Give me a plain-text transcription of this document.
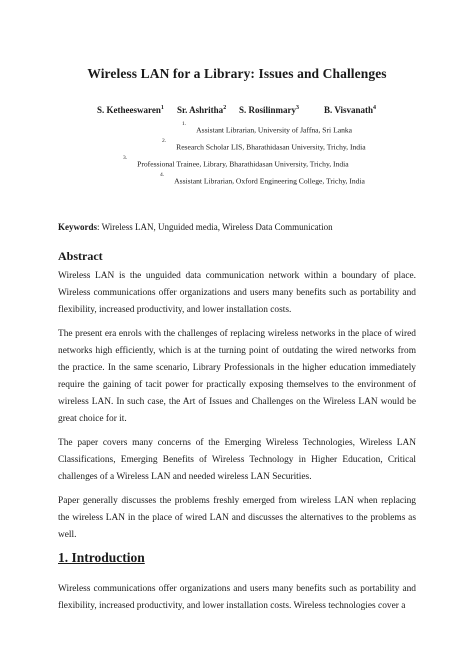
Wireless LAN for a Library: Issues and Challenges
S. Ketheeswaren$^1$ Sr. Ashritha$^2$ S. Rosilinmary$^3$	B. Visvanath$^4$
$^{1.}$Assistant Librarian, University of Jaffna, Sri Lanka
$^{2.}$Research Scholar LIS, Bharathidasan University, Trichy, India
$^{3.}$Professional Trainee, Library, Bharathidasan University, Trichy, India
$^{4.}$Assistant Librarian, Oxford Engineering College, Trichy, India
Keywords: Wireless LAN, Unguided media, Wireless Data Communication
Abstract

Wireless LAN is the unguided data communication network within a boundary of place. Wireless communications offer organizations and users many benefits such as portability and flexibility, increased productivity, and lower installation costs.

The present era enrols with the challenges of replacing wireless networks in the place of wired networks high efficiently, which is at the turning point of outdating the wired networks from the practice. In the same scenario, Library Professionals in the higher education immediately require the gaining of tacit power for practically exposing themselves to the environment of wireless LAN. In such case, the Art of Issues and Challenges on the Wireless LAN would be great choice for it.

The paper covers many concerns of the Emerging Wireless Technologies, Wireless LAN Classifications, Emerging Benefits of Wireless Technology in Higher Education, Critical challenges of a Wireless LAN and needed wireless LAN Securities.

Paper generally discusses the problems freshly emerged from wireless LAN when replacing the wireless LAN in the place of wired LAN and discusses the alternatives to the problems as well.

1. Introduction

Wireless communications offer organizations and users many benefits such as portability and flexibility, increased productivity, and lower installation costs. Wireless technologies cover a
